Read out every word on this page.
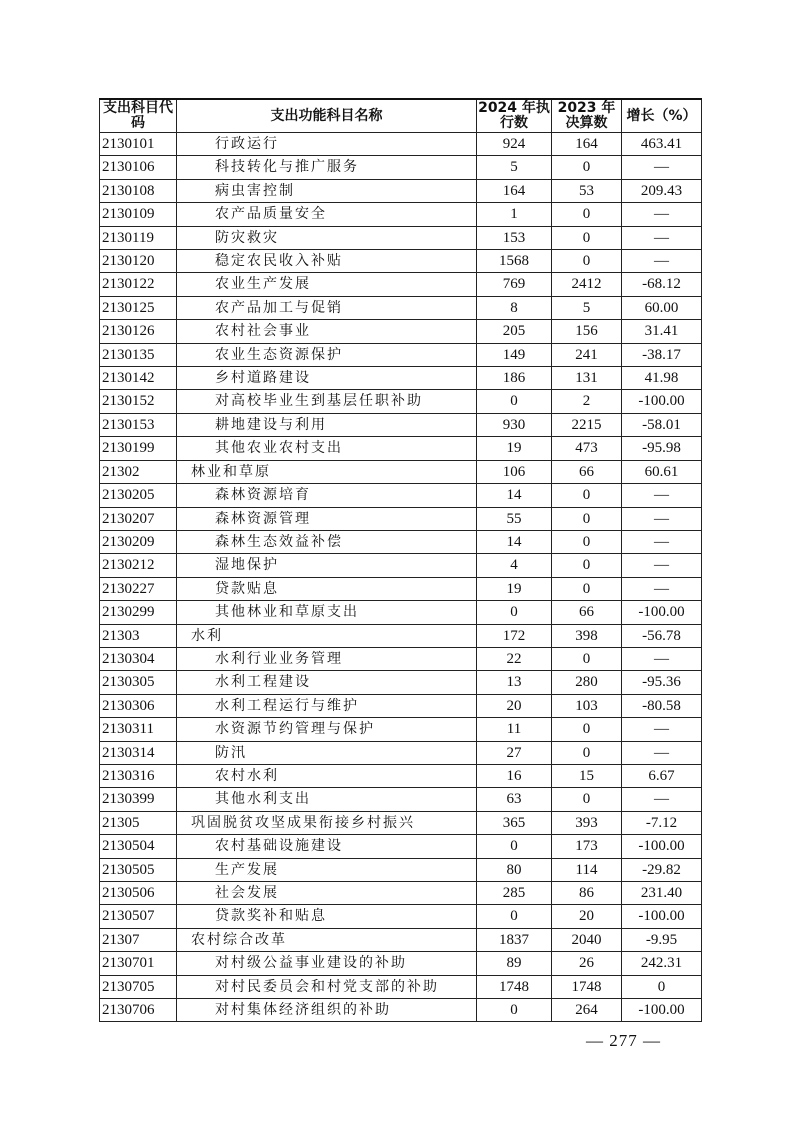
支出科目代码	支出功能科目名称	2024 年执行数	2023 年决算数	增长（%）
2130101	行政运行	924	164	463.41
2130106	科技转化与推广服务	5	0	—
2130108	病虫害控制	164	53	209.43
2130109	农产品质量安全	1	0	—
2130119	防灾救灾	153	0	—
2130120	稳定农民收入补贴	1568	0	—
2130122	农业生产发展	769	2412	-68.12
2130125	农产品加工与促销	8	5	60.00
2130126	农村社会事业	205	156	31.41
2130135	农业生态资源保护	149	241	-38.17
2130142	乡村道路建设	186	131	41.98
2130152	对高校毕业生到基层任职补助	0	2	-100.00
2130153	耕地建设与利用	930	2215	-58.01
2130199	其他农业农村支出	19	473	-95.98
21302	林业和草原	106	66	60.61
2130205	森林资源培育	14	0	—
2130207	森林资源管理	55	0	—
2130209	森林生态效益补偿	14	0	—
2130212	湿地保护	4	0	—
2130227	贷款贴息	19	0	—
2130299	其他林业和草原支出	0	66	-100.00
21303	水利	172	398	-56.78
2130304	水利行业业务管理	22	0	—
2130305	水利工程建设	13	280	-95.36
2130306	水利工程运行与维护	20	103	-80.58
2130311	水资源节约管理与保护	11	0	—
2130314	防汛	27	0	—
2130316	农村水利	16	15	6.67
2130399	其他水利支出	63	0	—
21305	巩固脱贫攻坚成果衔接乡村振兴	365	393	-7.12
2130504	农村基础设施建设	0	173	-100.00
2130505	生产发展	80	114	-29.82
2130506	社会发展	285	86	231.40
2130507	贷款奖补和贴息	0	20	-100.00
21307	农村综合改革	1837	2040	-9.95
2130701	对村级公益事业建设的补助	89	26	242.31
2130705	对村民委员会和村党支部的补助	1748	1748	0
2130706	对村集体经济组织的补助	0	264	-100.00
— 277 —
